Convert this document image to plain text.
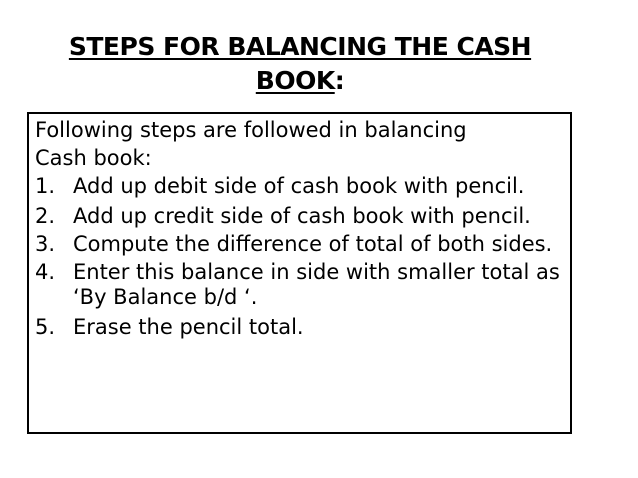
STEPS FOR BALANCING THE CASH
BOOK:
Following steps are followed in balancing
Cash book:
1. Add up debit side of cash book with pencil.
2. Add up credit side of cash book with pencil.
3. Compute the difference of total of both sides.
4. Enter this balance in side with smaller total as ‘By Balance b/d ‘.
5. Erase the pencil total.
